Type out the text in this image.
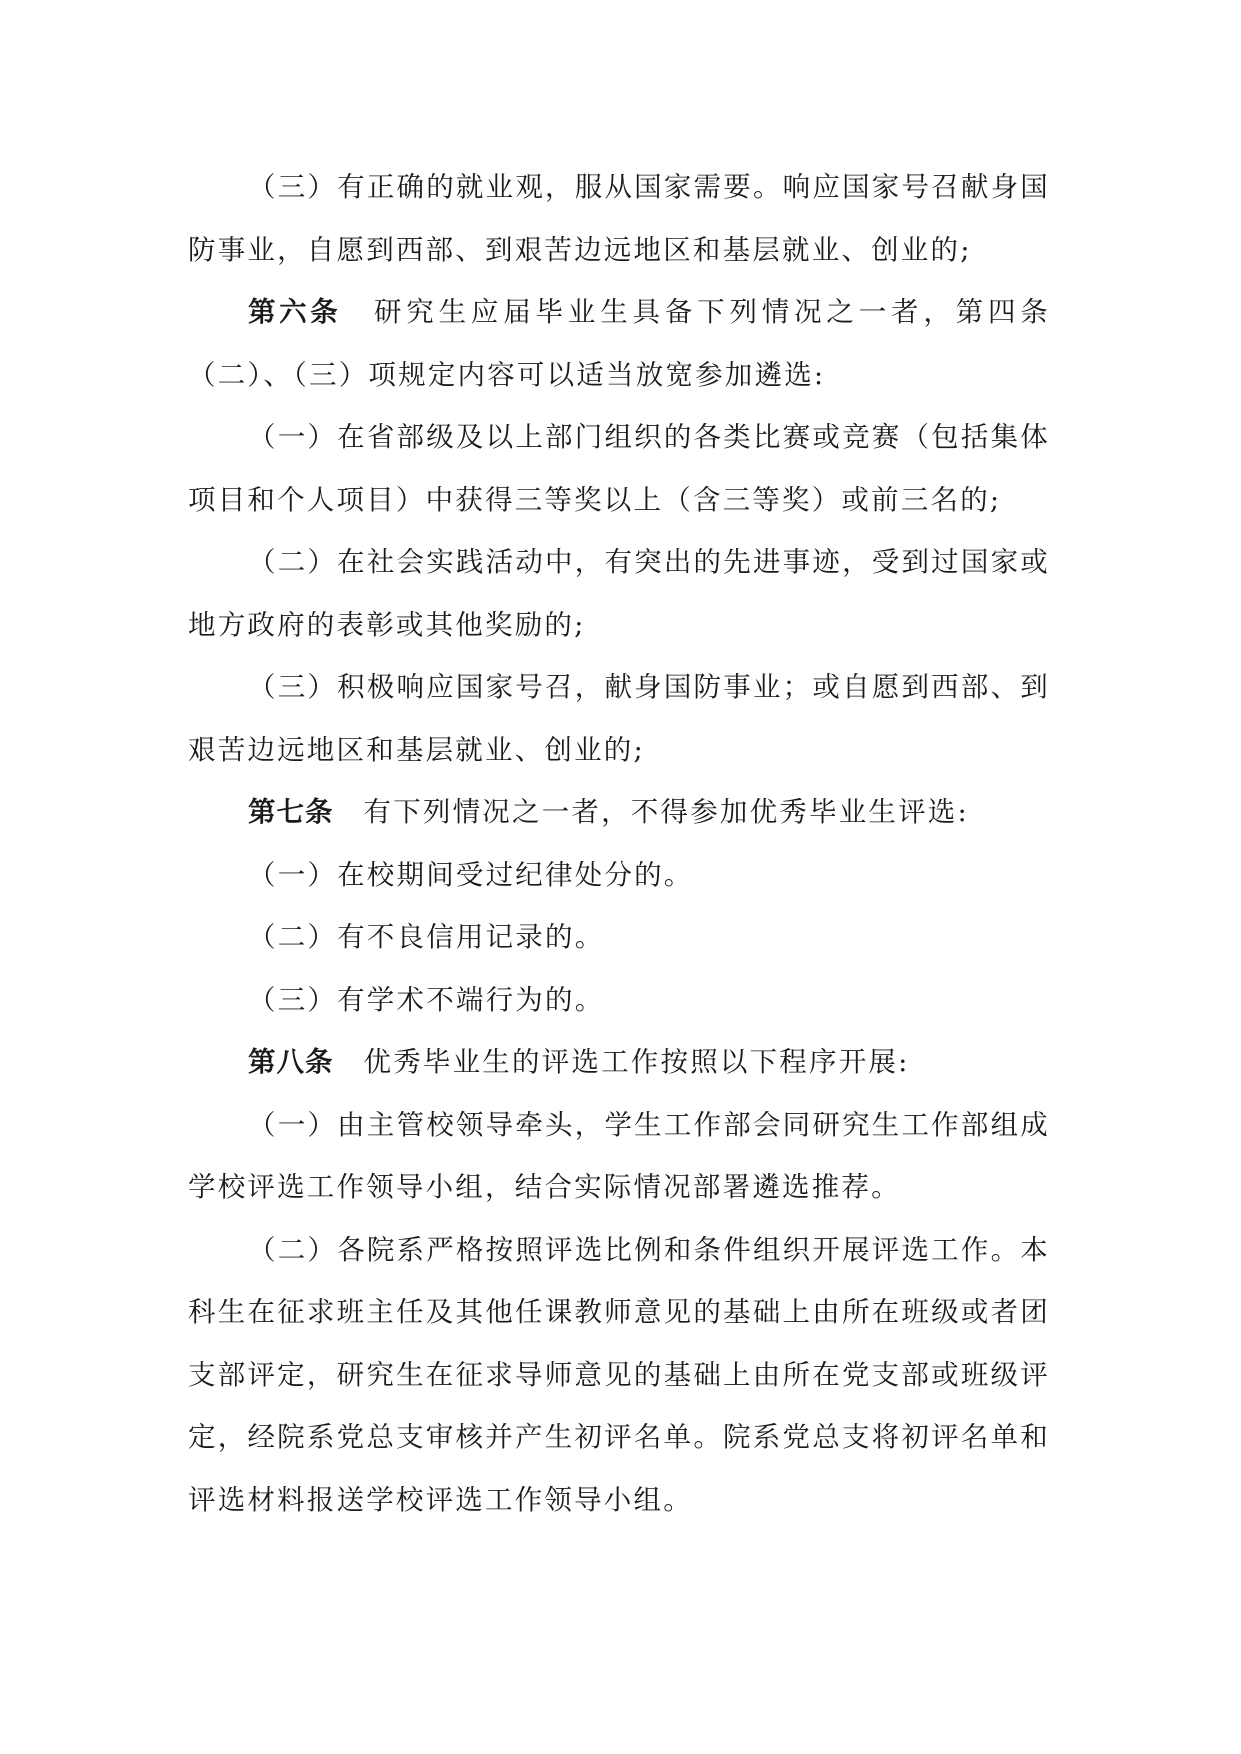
（三）有正确的就业观，服从国家需要。响应国家号召献身国防事业，自愿到西部、到艰苦边远地区和基层就业、创业的;

第六条 研究生应届毕业生具备下列情况之一者，第四条（二）、（三）项规定内容可以适当放宽参加遴选:

（一）在省部级及以上部门组织的各类比赛或竞赛（包括集体项目和个人项目）中获得三等奖以上（含三等奖）或前三名的;

（二）在社会实践活动中，有突出的先进事迹，受到过国家或地方政府的表彰或其他奖励的;

（三）积极响应国家号召，献身国防事业；或自愿到西部、到艰苦边远地区和基层就业、创业的;

第七条 有下列情况之一者，不得参加优秀毕业生评选:

（一）在校期间受过纪律处分的。

（二）有不良信用记录的。

（三）有学术不端行为的。

第八条 优秀毕业生的评选工作按照以下程序开展:

（一）由主管校领导牵头，学生工作部会同研究生工作部组成学校评选工作领导小组，结合实际情况部署遴选推荐。

（二）各院系严格按照评选比例和条件组织开展评选工作。本科生在征求班主任及其他任课教师意见的基础上由所在班级或者团支部评定，研究生在征求导师意见的基础上由所在党支部或班级评定，经院系党总支审核并产生初评名单。院系党总支将初评名单和评选材料报送学校评选工作领导小组。
